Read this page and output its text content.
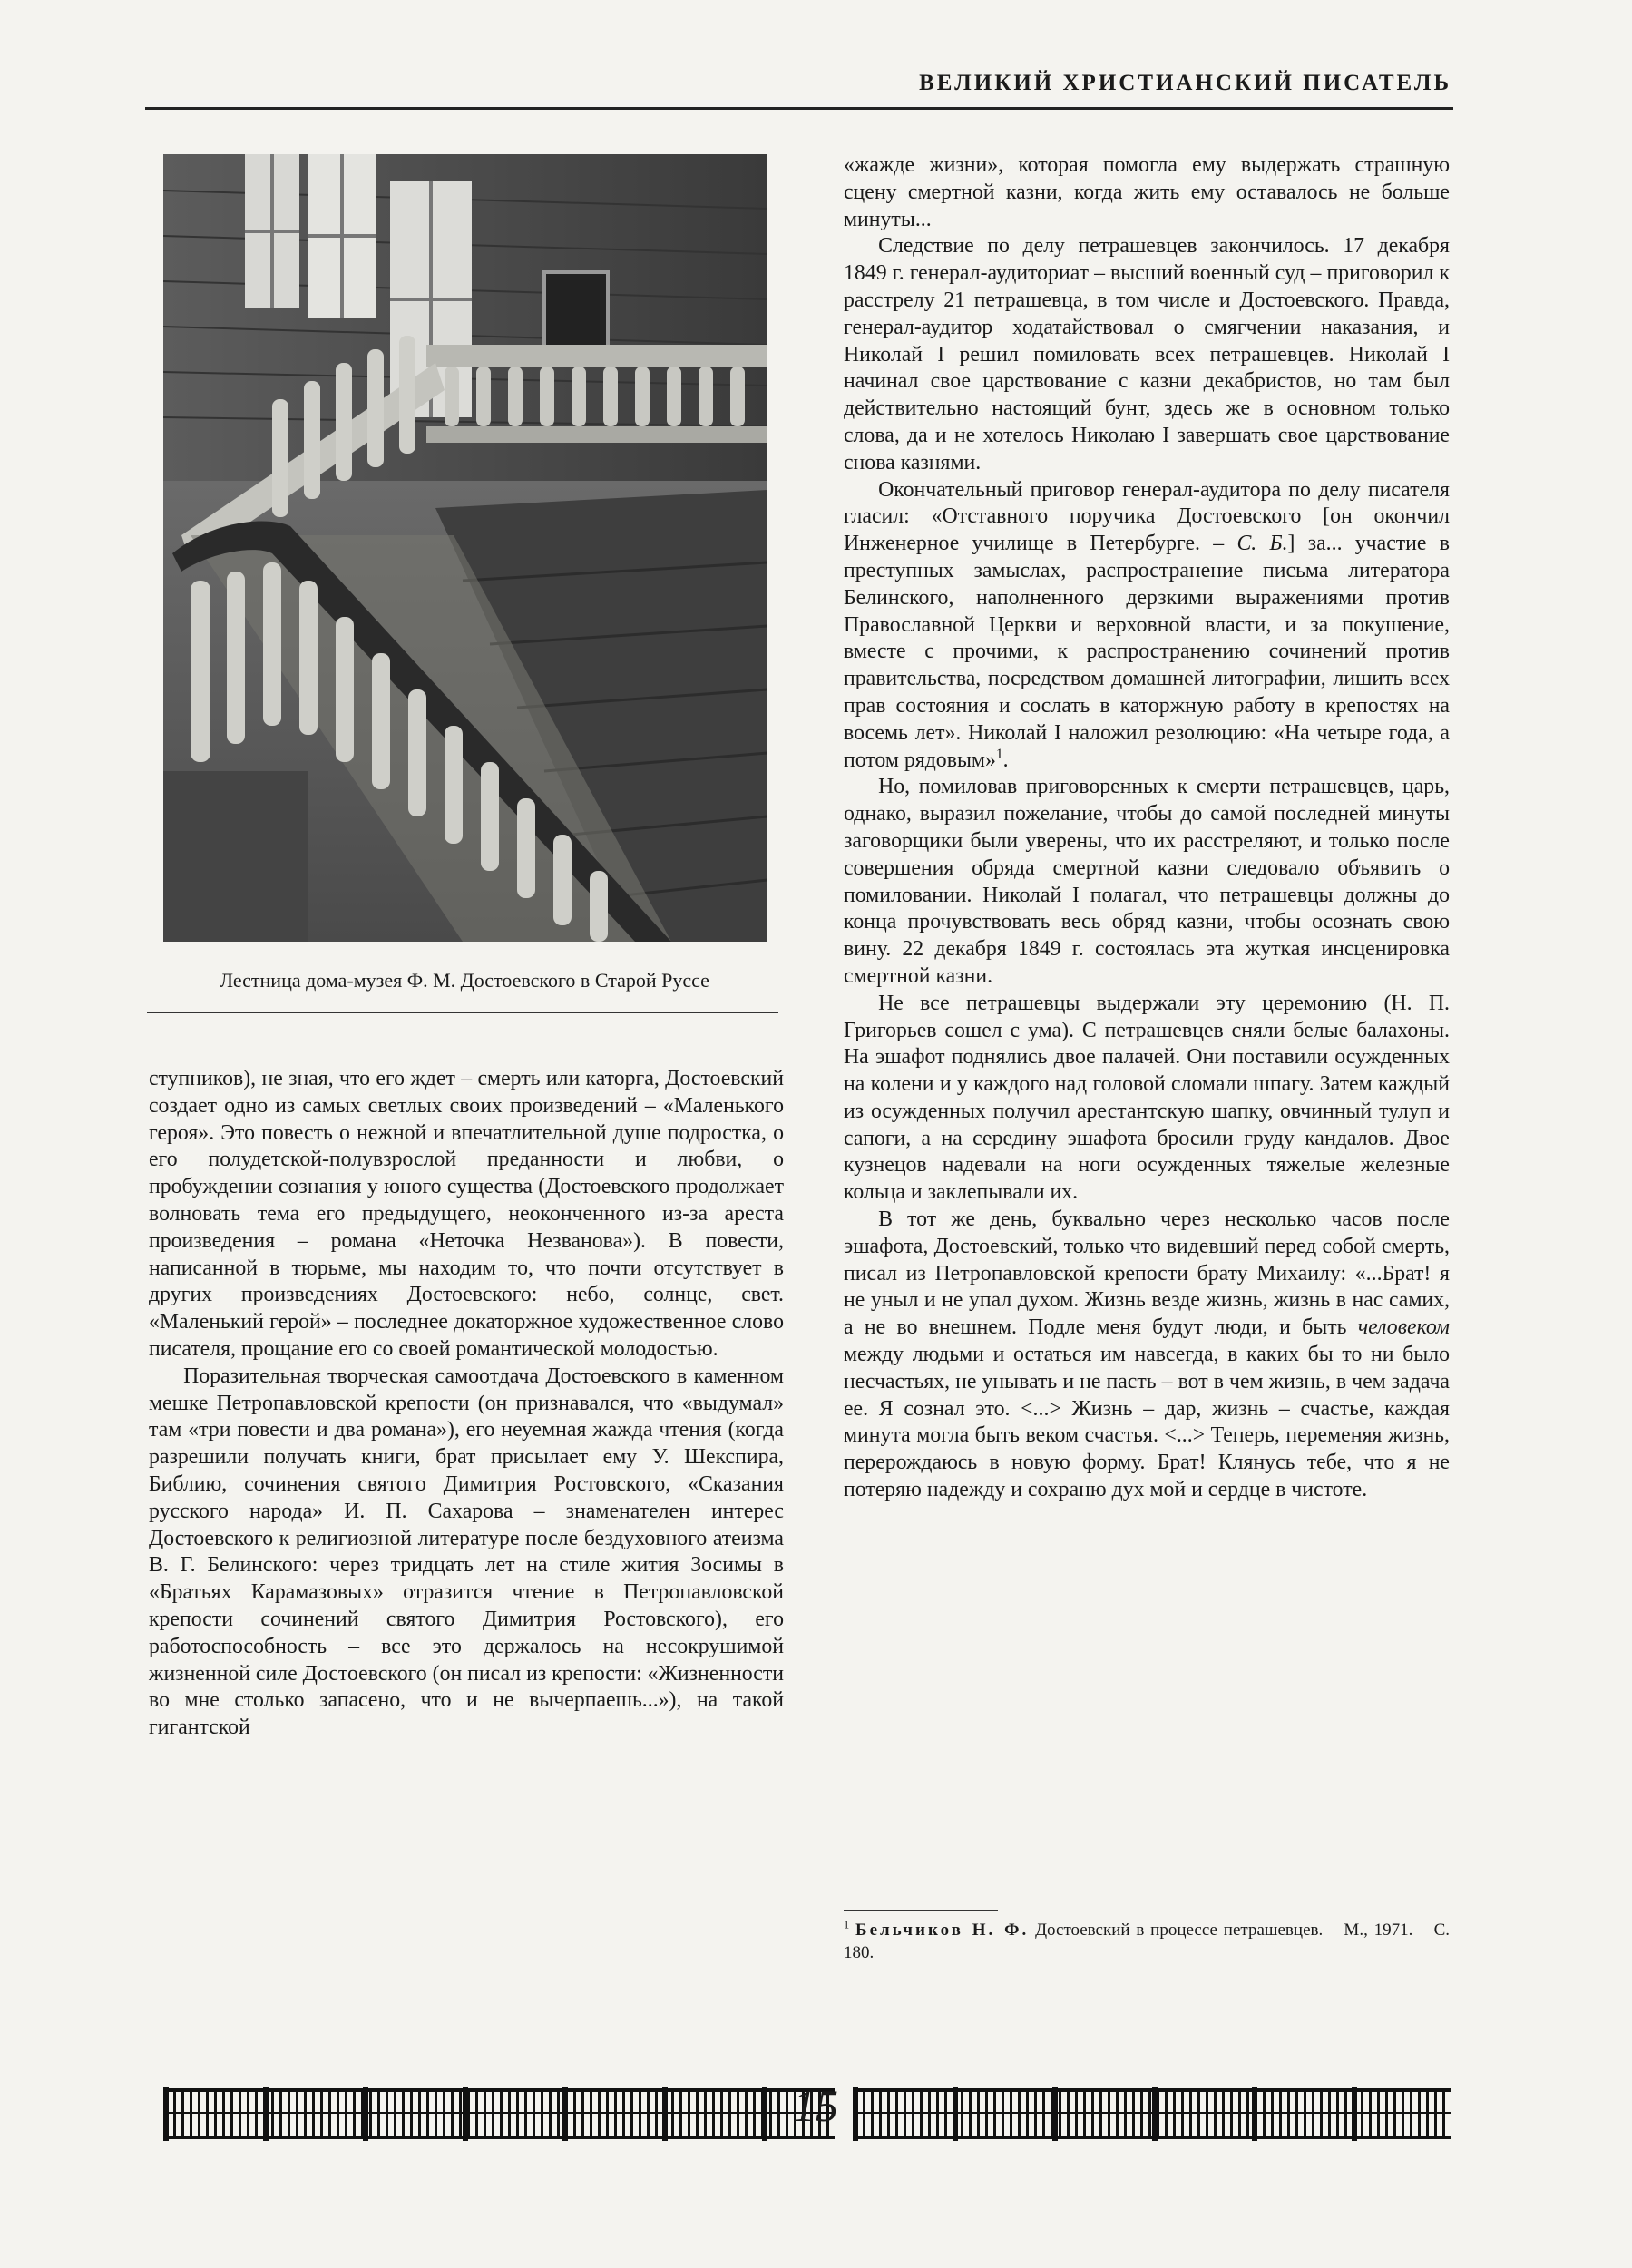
ВЕЛИКИЙ ХРИСТИАНСКИЙ ПИСАТЕЛЬ
Лестница дома-музея Ф. М. Достоевского в Старой Руссе

ступников), не зная, что его ждет – смерть или каторга, Достоевский создает одно из самых светлых своих произведений – «Маленького героя». Это повесть о нежной и впечатлительной душе подростка, о его полудетской-полувзрослой преданности и любви, о пробуждении сознания у юного существа (Достоевского продолжает волновать тема его предыдущего, неоконченного из-за ареста произведения – романа «Неточка Незванова»). В повести, написанной в тюрьме, мы находим то, что почти отсутствует в других произведениях Достоевского: небо, солнце, свет. «Маленький герой» – последнее докаторжное художественное слово писателя, прощание его со своей романтической молодостью.

Поразительная творческая самоотдача Достоевского в каменном мешке Петропавловской крепости (он признавался, что «выдумал» там «три повести и два романа»), его неуемная жажда чтения (когда разрешили получать книги, брат присылает ему У. Шекспира, Библию, сочинения святого Димитрия Ростовского, «Сказания русского народа» И. П. Сахарова – знаменателен интерес Достоевского к религиозной литературе после бездуховного атеизма В. Г. Белинского: через тридцать лет на стиле жития Зосимы в «Братьях Карамазовых» отразится чтение в Петропавловской крепости сочинений святого Димитрия Ростовского), его работоспособность – все это держалось на несокрушимой жизненной силе Достоевского (он писал из крепости: «Жизненности во мне столько запасено, что и не вычерпаешь...»), на такой гигантской

«жажде жизни», которая помогла ему выдержать страшную сцену смертной казни, когда жить ему оставалось не больше минуты...

Следствие по делу петрашевцев закончилось. 17 декабря 1849 г. генерал-аудиториат – высший военный суд – приговорил к расстрелу 21 петрашевца, в том числе и Достоевского. Правда, генерал-аудитор ходатайствовал о смягчении наказания, и Николай I решил помиловать всех петрашевцев. Николай I начинал свое царствование с казни декабристов, но там был действительно настоящий бунт, здесь же в основном только слова, да и не хотелось Николаю I завершать свое царствование снова казнями.

Окончательный приговор генерал-аудитора по делу писателя гласил: «Отставного поручика Достоевского [он окончил Инженерное училище в Петербурге. – С. Б.] за... участие в преступных замыслах, распространение письма литератора Белинского, наполненного дерзкими выражениями против Православной Церкви и верховной власти, и за покушение, вместе с прочими, к распространению сочинений против правительства, посредством домашней литографии, лишить всех прав состояния и сослать в каторжную работу в крепостях на восемь лет». Николай I наложил резолюцию: «На четыре года, а потом рядовым»$^1$.

Но, помиловав приговоренных к смерти петрашевцев, царь, однако, выразил пожелание, чтобы до самой последней минуты заговорщики были уверены, что их расстреляют, и только после совершения обряда смертной казни следовало объявить о помиловании. Николай I полагал, что петрашевцы должны до конца прочувствовать весь обряд казни, чтобы осознать свою вину. 22 декабря 1849 г. состоялась эта жуткая инсценировка смертной казни.

Не все петрашевцы выдержали эту церемонию (Н. П. Григорьев сошел с ума). С петрашевцев сняли белые балахоны. На эшафот поднялись двое палачей. Они поставили осужденных на колени и у каждого над головой сломали шпагу. Затем каждый из осужденных получил арестантскую шапку, овчинный тулуп и сапоги, а на середину эшафота бросили груду кандалов. Двое кузнецов надевали на ноги осужденных тяжелые железные кольца и заклепывали их.

В тот же день, буквально через несколько часов после эшафота, Достоевский, только что видевший перед собой смерть, писал из Петропавловской крепости брату Михаилу: «...Брат! я не уныл и не упал духом. Жизнь везде жизнь, жизнь в нас самих, а не во внешнем. Подле меня будут люди, и быть человеком между людьми и остаться им навсегда, в каких бы то ни было несчастьях, не унывать и не пасть – вот в чем жизнь, в чем задача ее. Я сознал это. <...> Жизнь – дар, жизнь – счастье, каждая минута могла быть веком счастья. <...> Теперь, переменяя жизнь, перерождаюсь в новую форму. Брат! Клянусь тебе, что я не потеряю надежду и сохраню дух мой и сердце в чистоте.

$^1$ Бельчиков Н. Ф. Достоевский в процессе петрашевцев. – М., 1971. – С. 180.
15
